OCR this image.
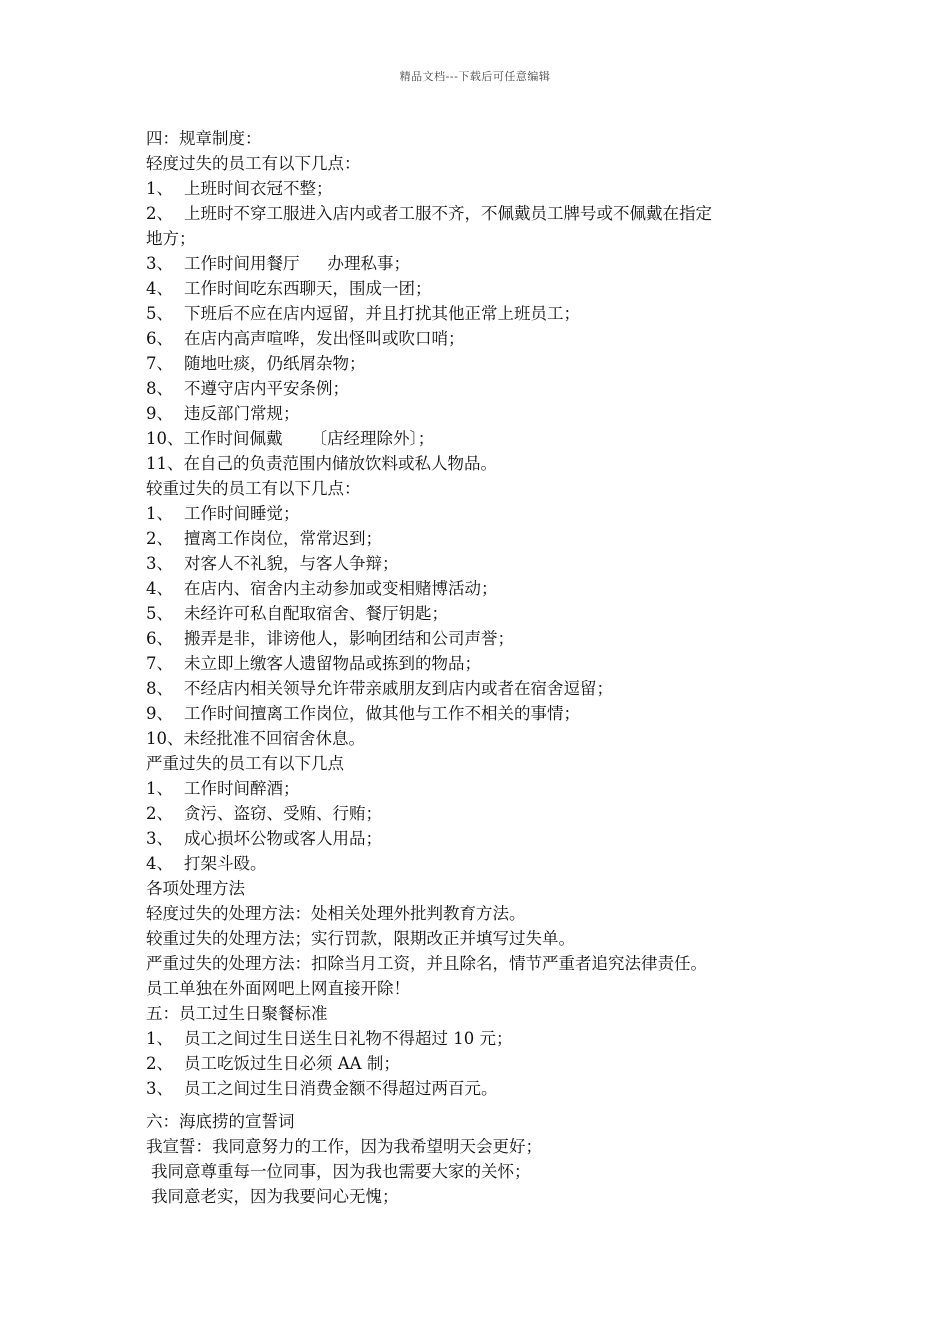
精品文档---下载后可任意编辑
四：规章制度：
轻度过失的员工有以下几点：
1、 上班时间衣冠不整；
2、 上班时不穿工服进入店内或者工服不齐，不佩戴员工牌号或不佩戴在指定
地方；
3、 工作时间用餐厅 办理私事；
4、 工作时间吃东西聊天，围成一团；
5、 下班后不应在店内逗留，并且打扰其他正常上班员工；
6、 在店内高声喧哗，发出怪叫或吹口哨；
7、 随地吐痰，仍纸屑杂物；
8、 不遵守店内平安条例；
9、 违反部门常规；
10、工作时间佩戴 〔店经理除外〕；
11、在自己的负责范围内储放饮料或私人物品。
较重过失的员工有以下几点：
1、 工作时间睡觉；
2、 擅离工作岗位，常常迟到；
3、 对客人不礼貌，与客人争辩；
4、 在店内、宿舍内主动参加或变相赌博活动；
5、 未经许可私自配取宿舍、餐厅钥匙；
6、 搬弄是非，诽谤他人，影响团结和公司声誉；
7、 未立即上缴客人遗留物品或拣到的物品；
8、 不经店内相关领导允许带亲戚朋友到店内或者在宿舍逗留；
9、 工作时间擅离工作岗位，做其他与工作不相关的事情；
10、未经批准不回宿舍休息。
严重过失的员工有以下几点
1、 工作时间醉酒；
2、 贪污、盗窃、受贿、行贿；
3、 成心损坏公物或客人用品；
4、 打架斗殴。
各项处理方法
轻度过失的处理方法：处相关处理外批判教育方法。
较重过失的处理方法；实行罚款，限期改正并填写过失单。
严重过失的处理方法：扣除当月工资，并且除名，情节严重者追究法律责任。
员工单独在外面网吧上网直接开除！
五：员工过生日聚餐标准
1、 员工之间过生日送生日礼物不得超过 10 元；
2、 员工吃饭过生日必须 AA 制；
3、 员工之间过生日消费金额不得超过两百元。
六：海底捞的宣誓词
我宣誓：我同意努力的工作，因为我希望明天会更好；
我同意尊重每一位同事，因为我也需要大家的关怀；
我同意老实，因为我要问心无愧；
